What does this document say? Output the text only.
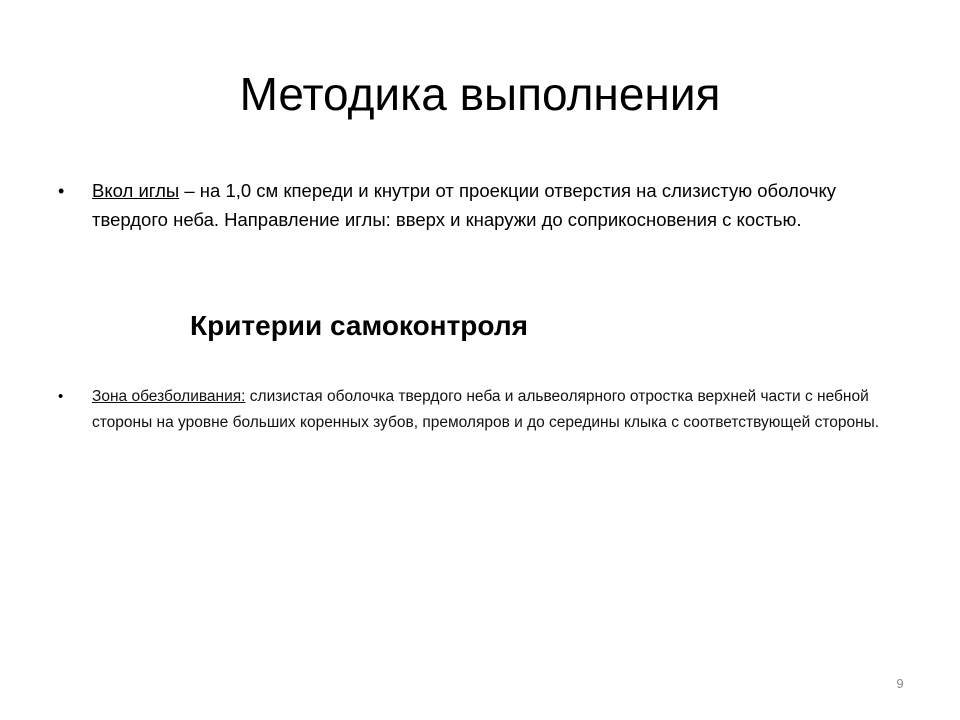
Методика выполнения
•	Вкол иглы – на 1,0 см кпереди и кнутри от проекции отверстия на слизистую оболочку твердого неба. Направление иглы: вверх и кнаружи до соприкосновения с костью.
Критерии самоконтроля
•	Зона обезболивания: слизистая оболочка твердого неба и альвеолярного отростка верхней части с небной стороны на уровне больших коренных зубов, премоляров и до середины клыка с соответствующей стороны.
9
